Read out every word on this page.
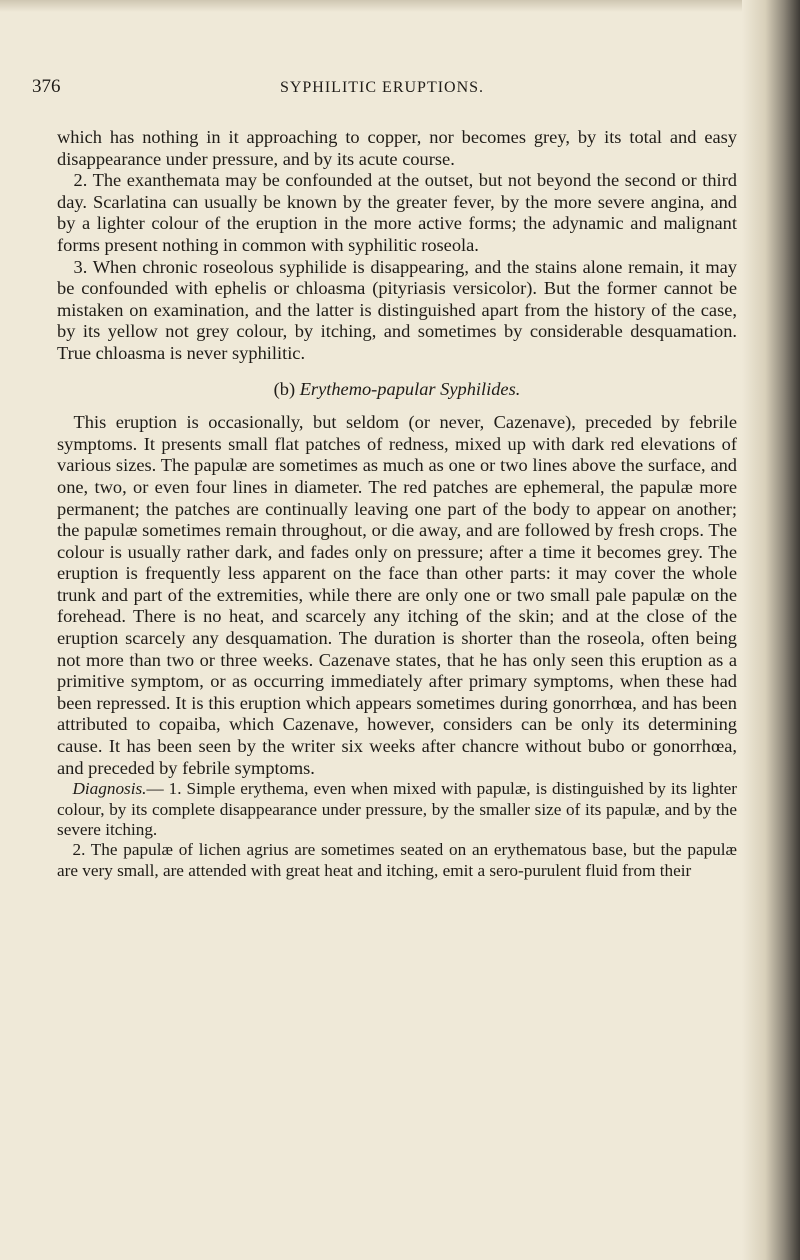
376	SYPHILITIC ERUPTIONS.

which has nothing in it approaching to copper, nor becomes grey, by its total and easy disappearance under pressure, and by its acute course.

2. The exanthemata may be confounded at the outset, but not beyond the second or third day. Scarlatina can usually be known by the greater fever, by the more severe angina, and by a lighter colour of the eruption in the more active forms; the adynamic and malignant forms present nothing in common with syphilitic roseola.

3. When chronic roseolous syphilide is disappearing, and the stains alone remain, it may be confounded with ephelis or chloasma (pityriasis versicolor). But the former cannot be mistaken on examination, and the latter is distinguished apart from the history of the case, by its yellow not grey colour, by itching, and sometimes by considerable desquamation. True chloasma is never syphilitic.

(b) Erythemo-papular Syphilides.

This eruption is occasionally, but seldom (or never, Cazenave), preceded by febrile symptoms. It presents small flat patches of redness, mixed up with dark red elevations of various sizes. The papulæ are sometimes as much as one or two lines above the surface, and one, two, or even four lines in diameter. The red patches are ephemeral, the papulæ more permanent; the patches are continually leaving one part of the body to appear on another; the papulæ sometimes remain throughout, or die away, and are followed by fresh crops. The colour is usually rather dark, and fades only on pressure; after a time it becomes grey. The eruption is frequently less apparent on the face than other parts: it may cover the whole trunk and part of the extremities, while there are only one or two small pale papulæ on the forehead. There is no heat, and scarcely any itching of the skin; and at the close of the eruption scarcely any desquamation. The duration is shorter than the roseola, often being not more than two or three weeks. Cazenave states, that he has only seen this eruption as a primitive symptom, or as occurring immediately after primary symptoms, when these had been repressed. It is this eruption which appears sometimes during gonorrhœa, and has been attributed to copaiba, which Cazenave, however, considers can be only its determining cause. It has been seen by the writer six weeks after chancre without bubo or gonorrhœa, and preceded by febrile symptoms.

Diagnosis.— 1. Simple erythema, even when mixed with papulæ, is distinguished by its lighter colour, by its complete disappearance under pressure, by the smaller size of its papulæ, and by the severe itching.

2. The papulæ of lichen agrius are sometimes seated on an erythematous base, but the papulæ are very small, are attended with great heat and itching, emit a sero-purulent fluid from their
